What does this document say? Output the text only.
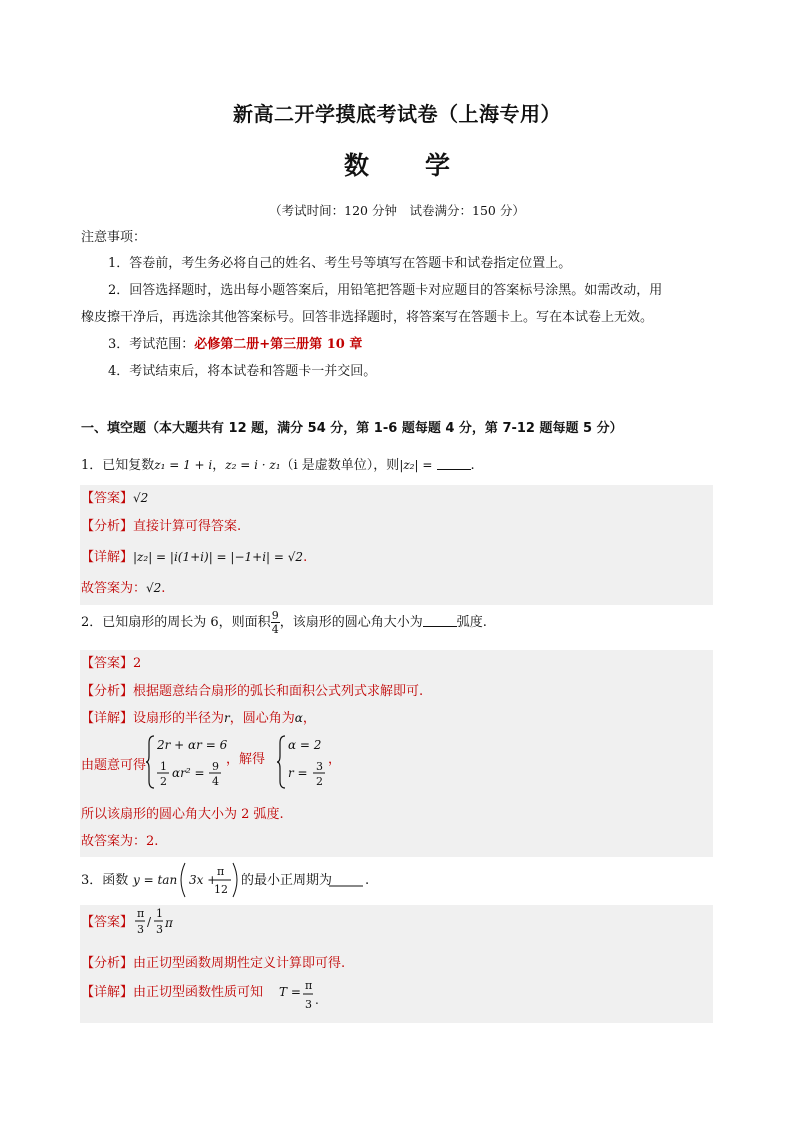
新高二开学摸底考试卷（上海专用）
数学
（考试时间：120 分钟　试卷满分：150 分）
注意事项：
1．答卷前，考生务必将自己的姓名、考生号等填写在答题卡和试卷指定位置上。
2．回答选择题时，选出每小题答案后，用铅笔把答题卡对应题目的答案标号涂黑。如需改动，用
橡皮擦干净后，再选涂其他答案标号。回答非选择题时，将答案写在答题卡上。写在本试卷上无效。
3．考试范围：必修第二册+第三册第 10 章
4．考试结束后，将本试卷和答题卡一并交回。
一、填空题（本大题共有 12 题，满分 54 分，第 1-6 题每题 4 分，第 7-12 题每题 5 分）
1．已知复数z₁ = 1 + i，z₂ = i · z₁（i 是虚数单位），则|z₂| =	.
【答案】√2
【分析】直接计算可得答案.
【详解】|z₂| = |i(1+i)| = |−1+i| = √2.
故答案为：√2.
2．已知扇形的周长为 6，则面积 $\frac{9}{4}$ ，该扇形的圆心角大小为	弧度.
【答案】2
【分析】根据题意结合扇形的弧长和面积公式列式求解即可.
【详解】设扇形的半径为r，圆心角为α，
由题意可得
2r + αr = 6
1
2
αr² = 9
4
，解得
α = 2
r = 3
2
，
所以该扇形的圆心角大小为 2 弧度.
故答案为：2.
3．函数 y = tan 3x +
π
12
的最小正周期为	.
【答案】
π
3
/
1
3 π
【分析】由正切型函数周期性定义计算即可得.
【详解】 由正切型函数性质可知 T = π
3 .
